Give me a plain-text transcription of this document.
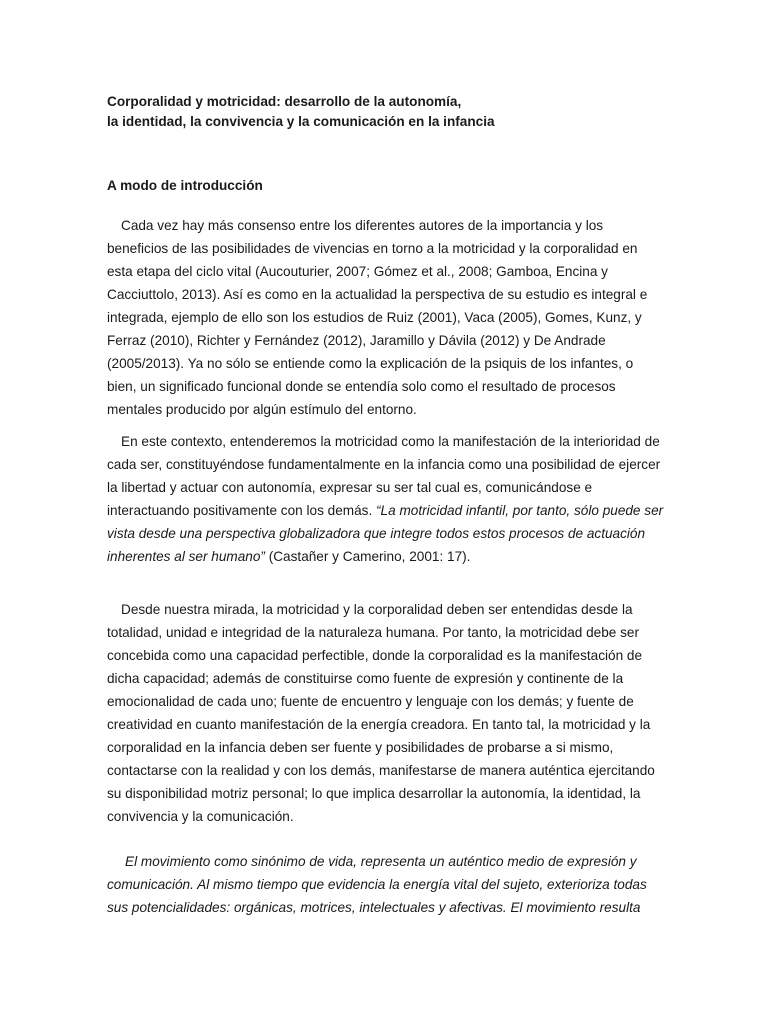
Corporalidad y motricidad: desarrollo de la autonomía,
la identidad, la convivencia y la comunicación en la infancia

A modo de introducción

Cada vez hay más consenso entre los diferentes autores de la importancia y los beneficios de las posibilidades de vivencias en torno a la motricidad y la corporalidad en esta etapa del ciclo vital (Aucouturier, 2007; Gómez et al., 2008; Gamboa, Encina y Cacciuttolo, 2013). Así es como en la actualidad la perspectiva de su estudio es integral e integrada, ejemplo de ello son los estudios de Ruiz (2001), Vaca (2005), Gomes, Kunz, y Ferraz (2010), Richter y Fernández (2012), Jaramillo y Dávila (2012) y De Andrade (2005/2013). Ya no sólo se entiende como la explicación de la psiquis de los infantes, o bien, un significado funcional donde se entendía solo como el resultado de procesos mentales producido por algún estímulo del entorno.

En este contexto, entenderemos la motricidad como la manifestación de la interioridad de cada ser, constituyéndose fundamentalmente en la infancia como una posibilidad de ejercer la libertad y actuar con autonomía, expresar su ser tal cual es, comunicándose e interactuando positivamente con los demás. “La motricidad infantil, por tanto, sólo puede ser vista desde una perspectiva globalizadora que integre todos estos procesos de actuación inherentes al ser humano” (Castañer y Camerino, 2001: 17).

Desde nuestra mirada, la motricidad y la corporalidad deben ser entendidas desde la totalidad, unidad e integridad de la naturaleza humana. Por tanto, la motricidad debe ser concebida como una capacidad perfectible, donde la corporalidad es la manifestación de dicha capacidad; además de constituirse como fuente de expresión y continente de la emocionalidad de cada uno; fuente de encuentro y lenguaje con los demás; y fuente de creatividad en cuanto manifestación de la energía creadora. En tanto tal, la motricidad y la corporalidad en la infancia deben ser fuente y posibilidades de probarse a si mismo, contactarse con la realidad y con los demás, manifestarse de manera auténtica ejercitando su disponibilidad motriz personal; lo que implica desarrollar la autonomía, la identidad, la convivencia y la comunicación.

El movimiento como sinónimo de vida, representa un auténtico medio de expresión y comunicación. Al mismo tiempo que evidencia la energía vital del sujeto, exterioriza todas sus potencialidades: orgánicas, motrices, intelectuales y afectivas. El movimiento resulta
